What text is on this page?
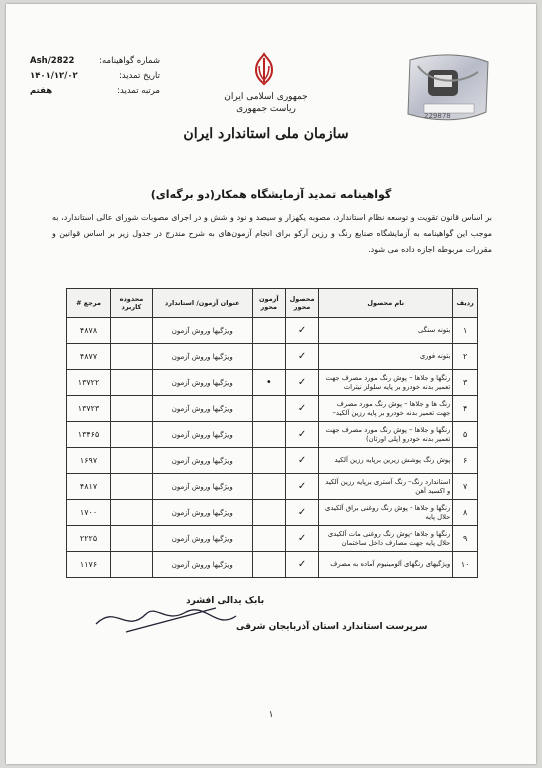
شماره گواهینامه:
Ash/2822
تاریخ تمدید:
۱۴۰۱/۱۲/۰۲
مرتبه تمدید:
هفتم
جمهوری اسلامی ایران
ریاست جمهوری
سازمان ملی استاندارد ایران
229878
گواهینامه تمدید آزمایشگاه همکار(دو برگه‌ای)
بر اساس قانون تقویت و توسعه نظام استاندارد، مصوبه یکهزار و سیصد و نود و شش و در اجرای مصوبات شورای عالی استاندارد، به موجب این گواهینامه به آزمایشگاه صنایع رنگ و رزین آرکو برای انجام آزمون‌های به شرح مندرج در جدول زیر بر اساس قوانین و مقررات مربوطه اجازه داده می شود.
ردیف	نام محصول	محصول محور	آزمون محور	عنوان آزمون/ استاندارد	محدوده کاربرد	مرجع #
۱	بتونه سنگی	✓		ویژگیها وروش آزمون		۴۸۷۸
۲	بتونه فوری	✓		ویژگیها وروش آزمون		۴۸۷۷
۳	رنگها و جلاها – پوش رنگ مورد مصرف جهت تعمیر بدنه خودرو بر پایه سلولز نیترات	✓	•	ویژگیها وروش آزمون		۱۳۷۲۲
۴	رنگ ها و جلاها – پوش رنگ مورد مصرف جهت تعمیر بدنه خودرو بر پایه رزین آلکید–	✓		ویژگیها وروش آزمون		۱۳۷۲۳
۵	رنگها و جلاها – پوش رنگ مورد مصرف جهت تعمیر بدنه خودرو (پلی اورتان)	✓		ویژگیها وروش آزمون		۱۳۴۶۵
۶	پوش رنگ پوشش زیرین برپایه رزین آلکید	✓		ویژگیها وروش آزمون		۱۶۹۷
۷	استاندارد رنگ– رنگ آستری برپایه رزین آلکید و اکسید آهن	✓		ویژگیها وروش آزمون		۴۸۱۷
۸	رنگها و جلاها - پوش رنگ روغنی براق آلکیدی حلال پایه	✓		ویژگیها وروش آزمون		۱۷۰۰
۹	رنگها و جلاها -پوش رنگ روغنی مات آلکیدی حلال پایه جهت مصارف داخل ساختمان	✓		ویژگیها وروش آزمون		۲۲۲۵
۱۰	ویژگیهای رنگهای آلومینیوم آماده به مصرف	✓		ویژگیها وروش آزمون		۱۱۷۶
بابک یدالی افشرد
سرپرست استاندارد استان آذربایجان شرقی
۱
